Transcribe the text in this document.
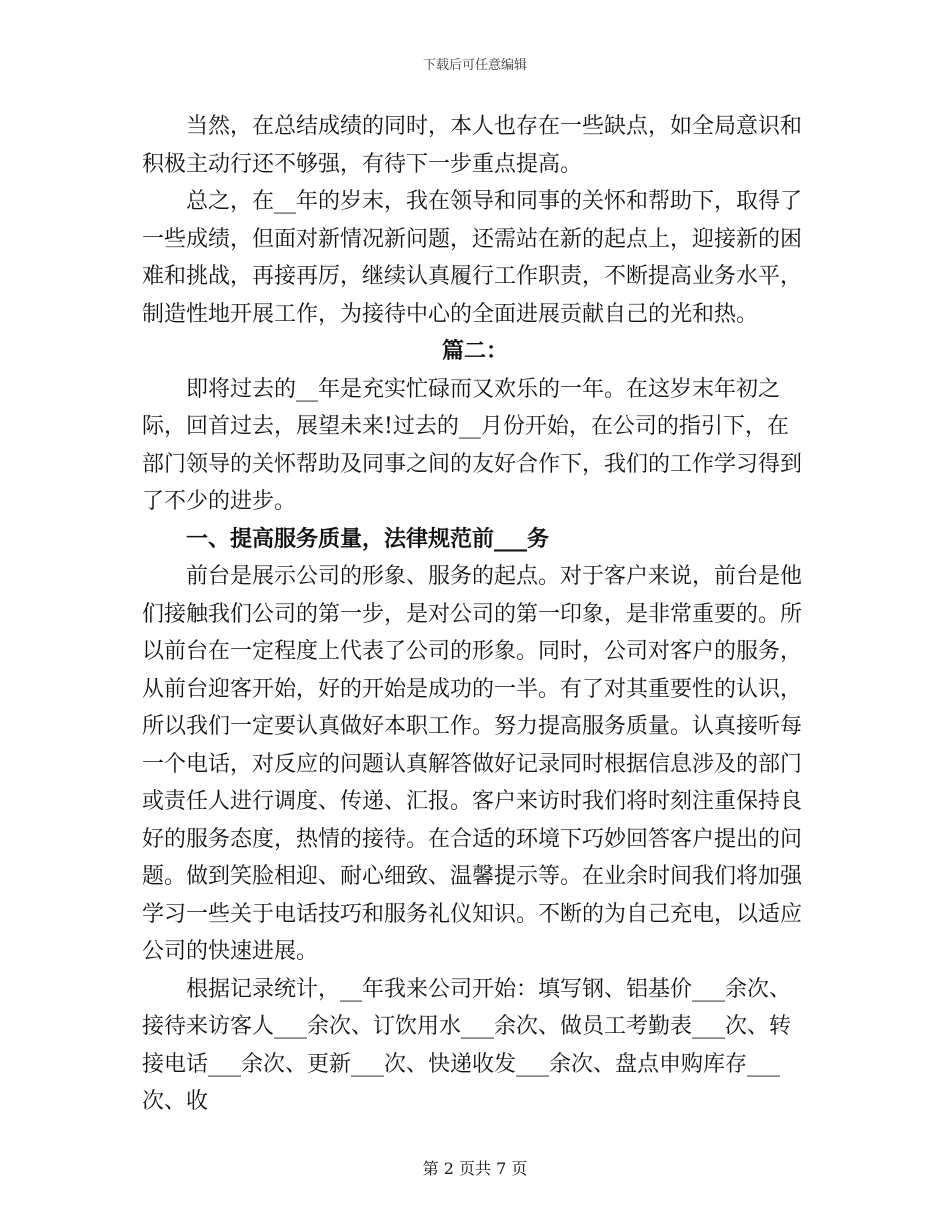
下载后可任意编辑

当然，在总结成绩的同时，本人也存在一些缺点，如全局意识和积极主动行还不够强，有待下一步重点提高。

总之，在__年的岁末，我在领导和同事的关怀和帮助下，取得了一些成绩，但面对新情况新问题，还需站在新的起点上，迎接新的困难和挑战，再接再厉，继续认真履行工作职责，不断提高业务水平，制造性地开展工作，为接待中心的全面进展贡献自己的光和热。

篇二：

即将过去的__年是充实忙碌而又欢乐的一年。在这岁末年初之际，回首过去，展望未来!过去的__月份开始，在公司的指引下，在部门领导的关怀帮助及同事之间的友好合作下，我们的工作学习得到了不少的进步。

一、提高服务质量，法律规范前___务

前台是展示公司的形象、服务的起点。对于客户来说，前台是他们接触我们公司的第一步，是对公司的第一印象，是非常重要的。所以前台在一定程度上代表了公司的形象。同时，公司对客户的服务，从前台迎客开始，好的开始是成功的一半。有了对其重要性的认识，所以我们一定要认真做好本职工作。努力提高服务质量。认真接听每一个电话，对反应的问题认真解答做好记录同时根据信息涉及的部门或责任人进行调度、传递、汇报。客户来访时我们将时刻注重保持良好的服务态度，热情的接待。在合适的环境下巧妙回答客户提出的问题。做到笑脸相迎、耐心细致、温馨提示等。在业余时间我们将加强学习一些关于电话技巧和服务礼仪知识。不断的为自己充电，以适应公司的快速进展。

根据记录统计，__年我来公司开始：填写钢、铝基价___余次、接待来访客人___余次、订饮用水___余次、做员工考勤表___次、转接电话___余次、更新___次、快递收发___余次、盘点申购库存___次、收

第 2 页共 7 页
